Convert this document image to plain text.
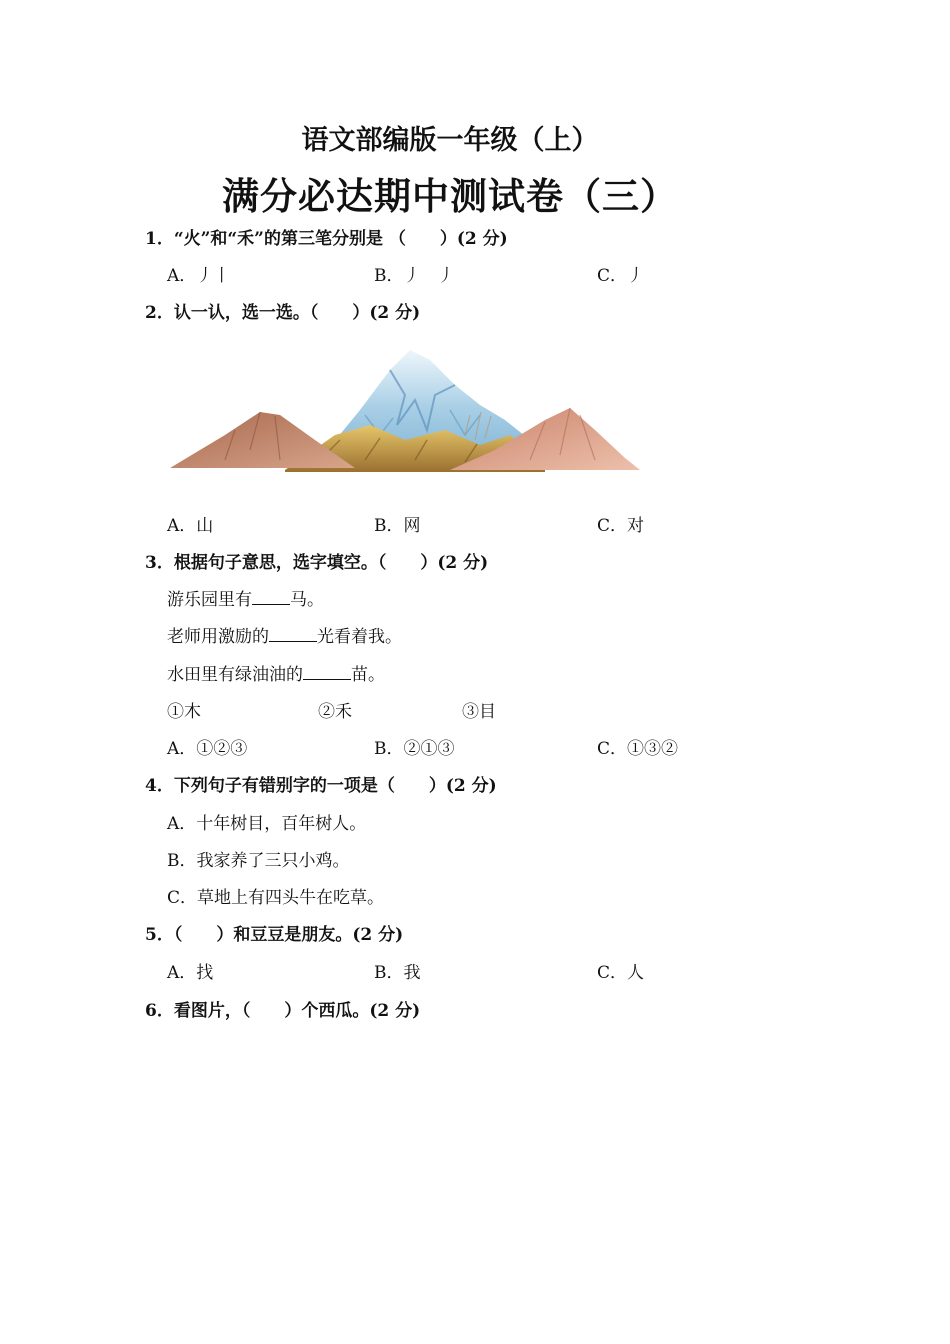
语文部编版一年级（上）
满分必达期中测试卷（三）
1．“火”和“禾”的第三笔分别是 （　　）(2 分)
A．丿丨	B．丿　丿	C．丿
2．认一认，选一选。（　　）(2 分)
A．山	B．网	C．对
3．根据句子意思，选字填空。（　　）(2 分)
游乐园里有 马。
老师用激励的	光看着我。
水田里有绿油油的	苗。
①木	②禾	③目
A．①②③	B．②①③	C．①③②
4．下列句子有错别字的一项是（　　）(2 分)
A．十年树目，百年树人。
B．我家养了三只小鸡。
C．草地上有四头牛在吃草。
5．（　　）和豆豆是朋友。(2 分)
A．找	B．我	C．人
6．看图片，（　　）个西瓜。(2 分)
